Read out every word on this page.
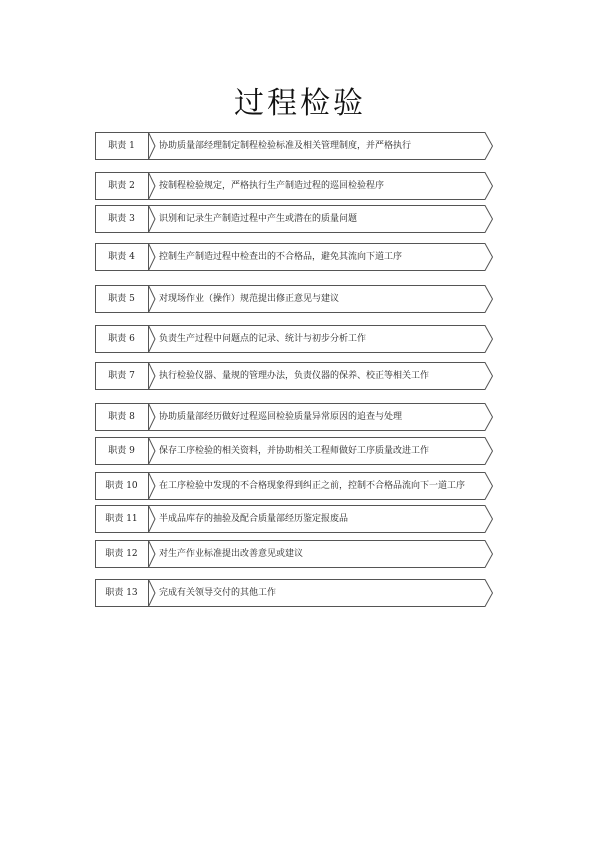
过程检验
职责 1	协助质量部经理制定制程检验标准及相关管理制度，并严格执行
职责 2	按制程检验规定，严格执行生产制造过程的巡回检验程序
职责 3	识别和记录生产制造过程中产生或潜在的质量问题
职责 4	控制生产制造过程中检查出的不合格品，避免其流向下道工序
职责 5	对现场作业（操作）规范提出修正意见与建议
职责 6	负责生产过程中问题点的记录、统计与初步分析工作
职责 7	执行检验仪器、量规的管理办法，负责仪器的保养、校正等相关工作
职责 8	协助质量部经历做好过程巡回检验质量异常原因的追查与处理
职责 9	保存工序检验的相关资料，并协助相关工程师做好工序质量改进工作
职责 10	在工序检验中发现的不合格现象得到纠正之前，控制不合格品流向下一道工序
职责 11	半成品库存的抽验及配合质量部经历鉴定报废品
职责 12	对生产作业标准提出改善意见或建议
职责 13	完成有关领导交付的其他工作
